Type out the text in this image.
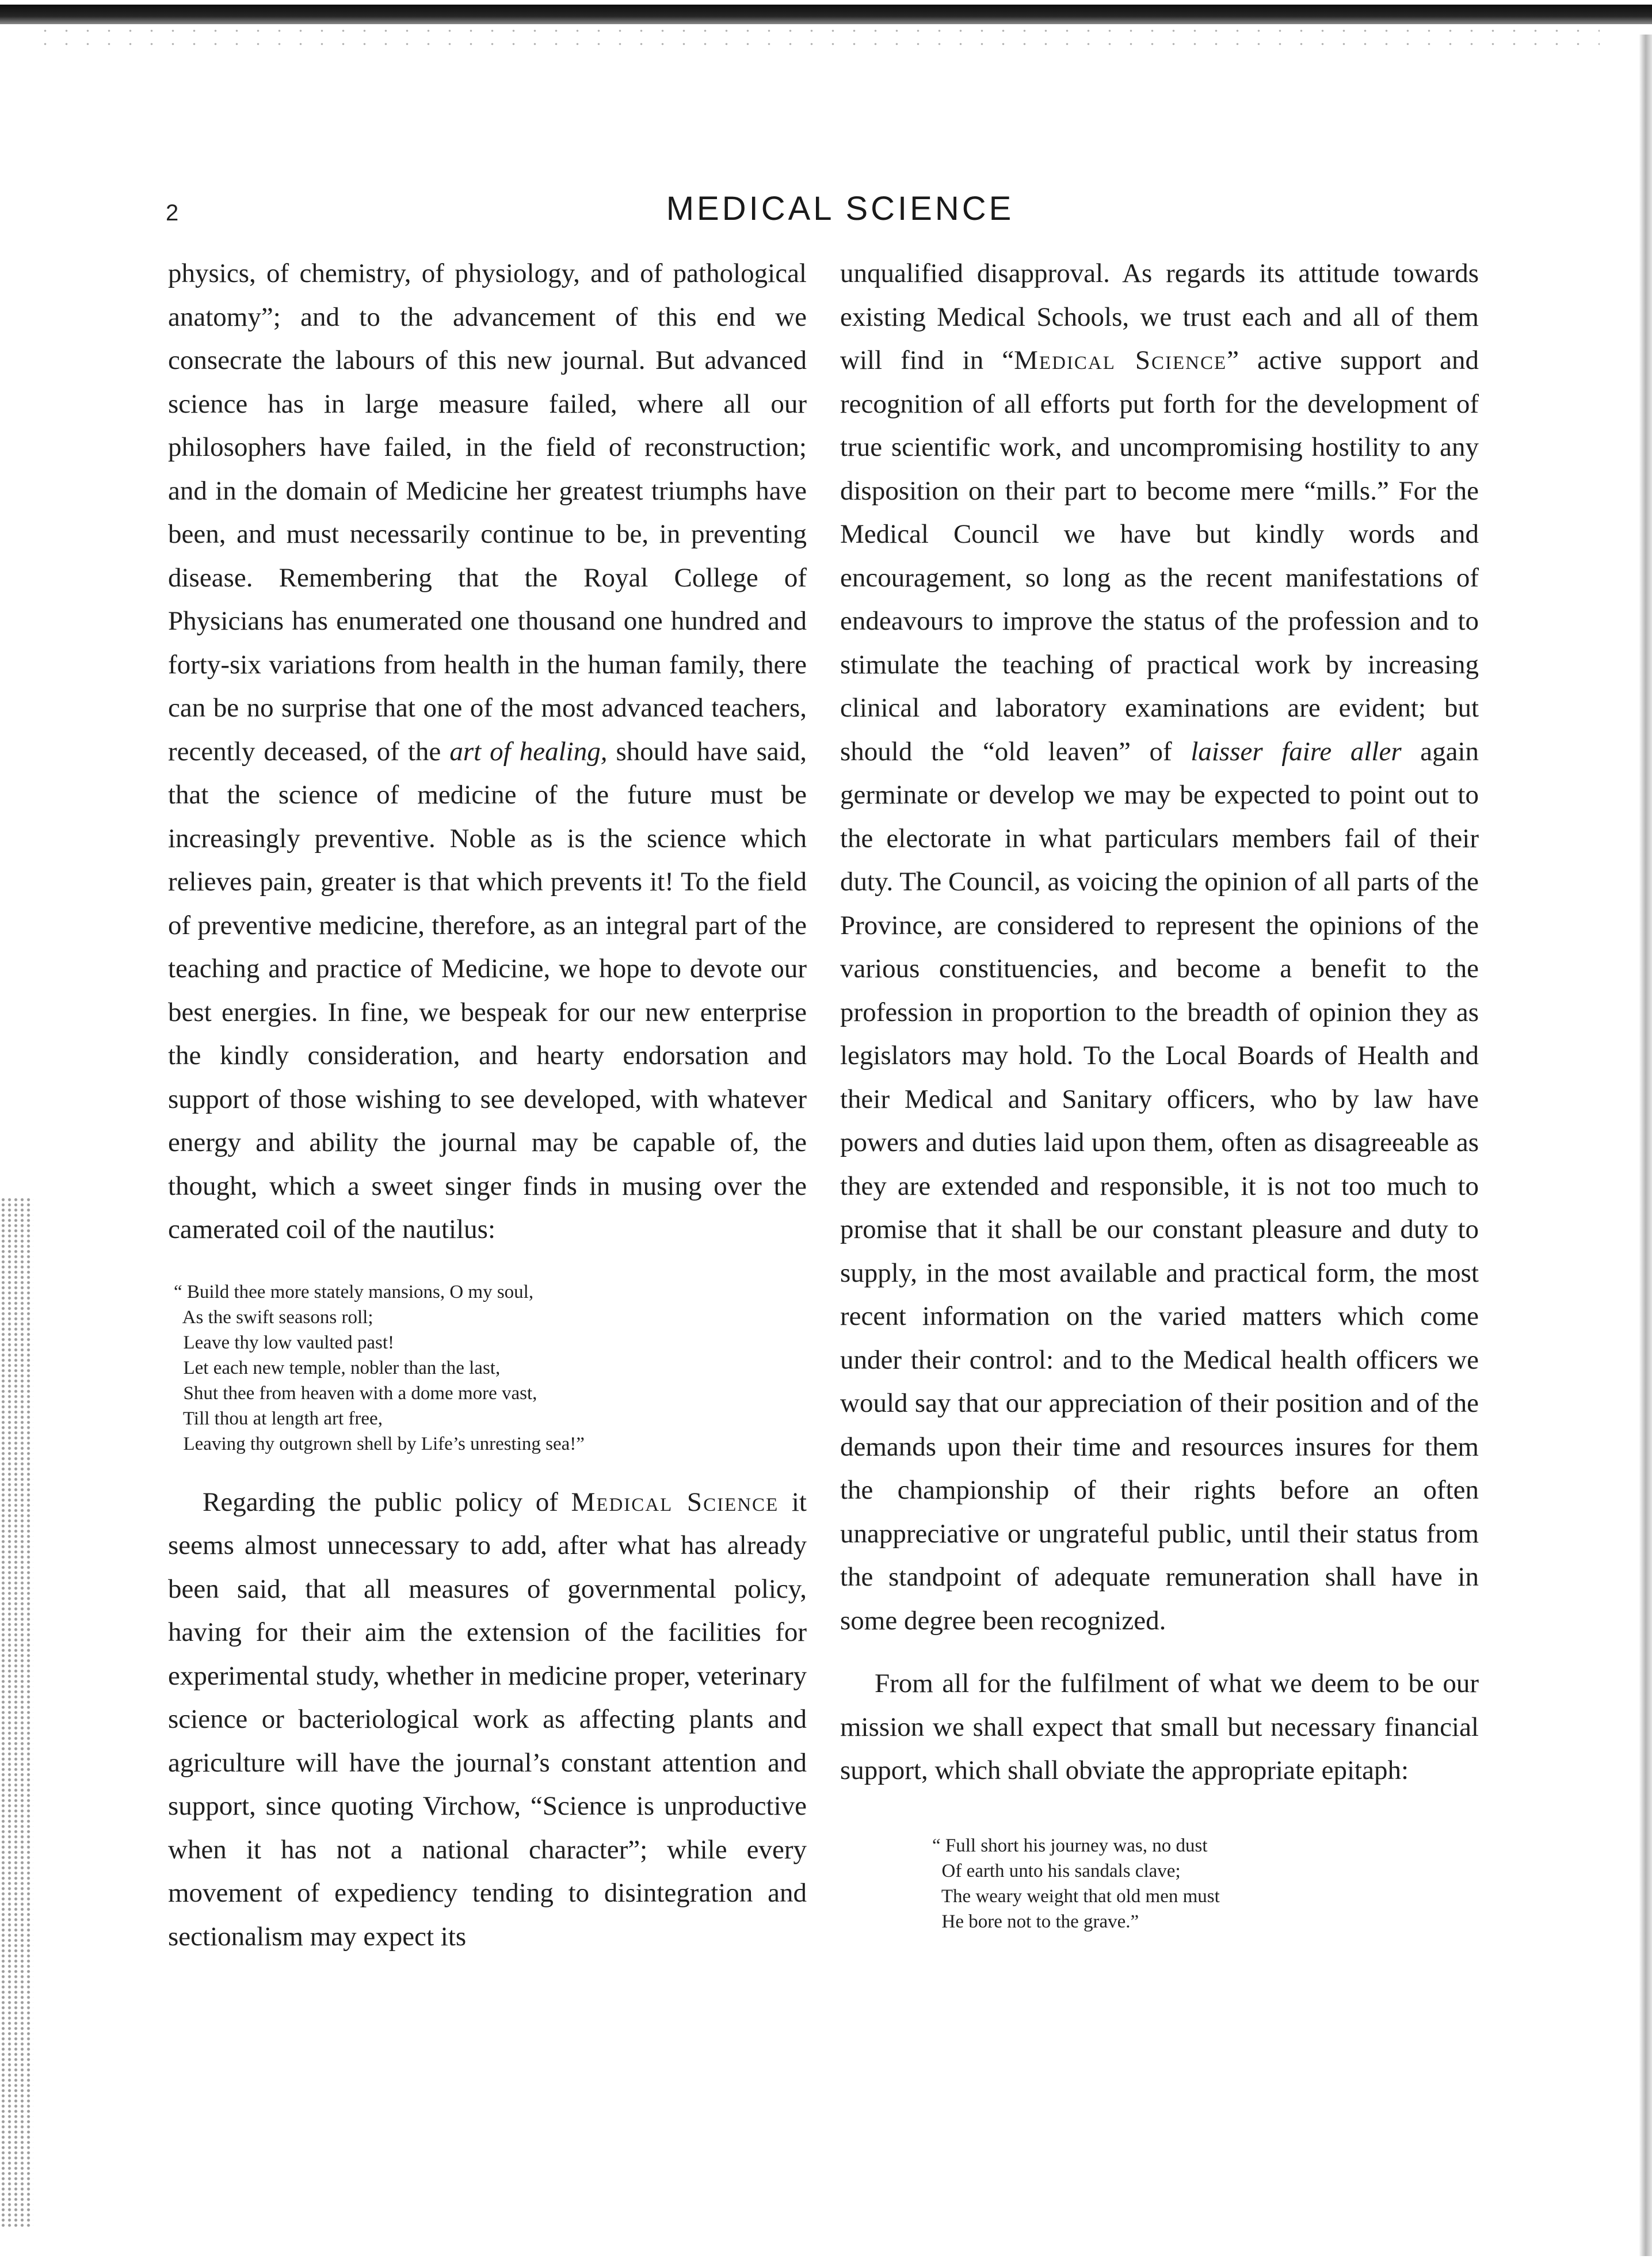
2	MEDICAL SCIENCE

physics, of chemistry, of physiology, and of pathological anatomy”; and to the advancement of this end we consecrate the labours of this new journal. But advanced science has in large measure failed, where all our philosophers have failed, in the field of reconstruction; and in the domain of Medicine her greatest triumphs have been, and must necessarily continue to be, in preventing disease. Remembering that the Royal College of Physicians has enumerated one thousand one hundred and forty-six variations from health in the human family, there can be no surprise that one of the most advanced teachers, recently deceased, of the art of healing, should have said, that the science of medicine of the future must be increasingly preventive. Noble as is the science which relieves pain, greater is that which prevents it! To the field of preventive medicine, therefore, as an integral part of the teaching and practice of Medicine, we hope to devote our best energies. In fine, we bespeak for our new enterprise the kindly consideration, and hearty endorsation and support of those wishing to see developed, with whatever energy and ability the journal may be capable of, the thought, which a sweet singer finds in musing over the camerated coil of the nautilus:

“ Build thee more stately mansions, O my soul,
As the swift seasons roll;
Leave thy low vaulted past!
Let each new temple, nobler than the last,
Shut thee from heaven with a dome more vast,
Till thou at length art free,
Leaving thy outgrown shell by Life’s unresting sea!”

Regarding the public policy of Medical Science it seems almost unnecessary to add, after what has already been said, that all measures of governmental policy, having for their aim the extension of the facilities for experimental study, whether in medicine proper, veterinary science or bacteriological work as affecting plants and agriculture will have the journal’s constant attention and support, since quoting Virchow, “Science is unproductive when it has not a national character”; while every movement of expediency tending to disintegration and sectionalism may expect its

unqualified disapproval. As regards its attitude towards existing Medical Schools, we trust each and all of them will find in “Medical Science” active support and recognition of all efforts put forth for the development of true scientific work, and uncompromising hostility to any disposition on their part to become mere “mills.” For the Medical Council we have but kindly words and encouragement, so long as the recent manifestations of endeavours to improve the status of the profession and to stimulate the teaching of practical work by increasing clinical and laboratory examinations are evident; but should the “old leaven” of laisser faire aller again germinate or develop we may be expected to point out to the electorate in what particulars members fail of their duty. The Council, as voicing the opinion of all parts of the Province, are considered to represent the opinions of the various constituencies, and become a benefit to the profession in proportion to the breadth of opinion they as legislators may hold. To the Local Boards of Health and their Medical and Sanitary officers, who by law have powers and duties laid upon them, often as disagreeable as they are extended and responsible, it is not too much to promise that it shall be our constant pleasure and duty to supply, in the most available and practical form, the most recent information on the varied matters which come under their control: and to the Medical health officers we would say that our appreciation of their position and of the demands upon their time and resources insures for them the championship of their rights before an often unappreciative or ungrateful public, until their status from the standpoint of adequate remuneration shall have in some degree been recognized.

From all for the fulfilment of what we deem to be our mission we shall expect that small but necessary financial support, which shall obviate the appropriate epitaph:

“ Full short his journey was, no dust
Of earth unto his sandals clave;
The weary weight that old men must
He bore not to the grave.”
